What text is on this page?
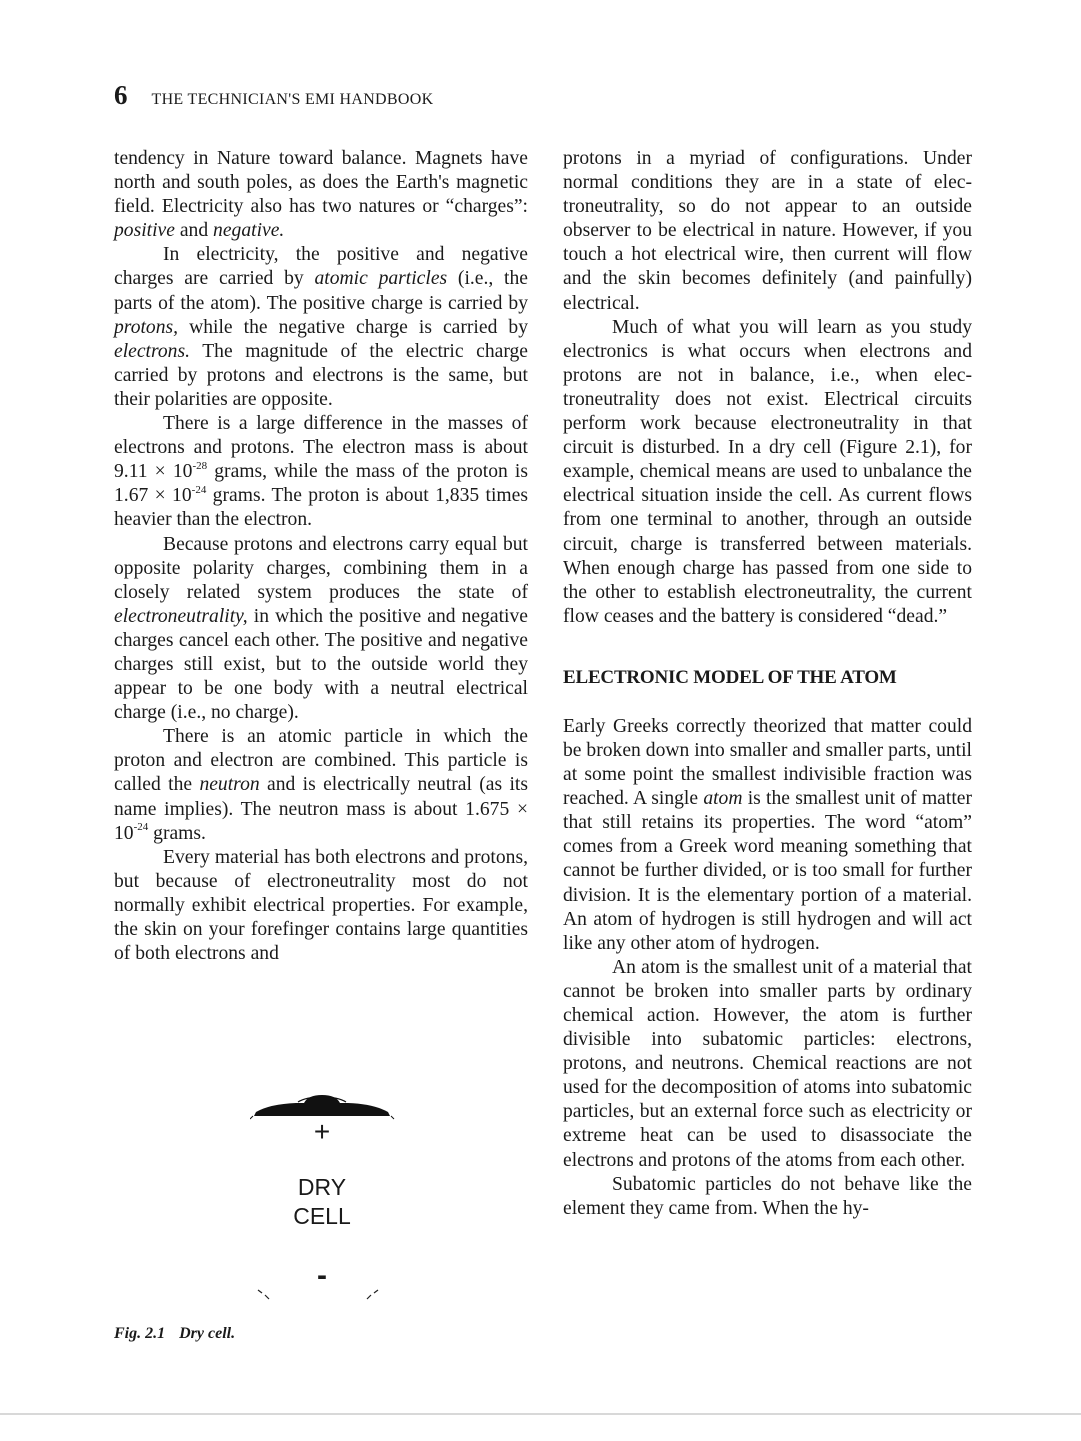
6 THE TECHNICIAN'S EMI HANDBOOK

tendency in Nature toward balance. Magnets have north and south poles, as does the Earth's magnetic field. Electricity also has two natures or “charges”: positive and negative.

In electricity, the positive and negative charges are carried by atomic particles (i.e., the parts of the atom). The positive charge is carried by protons, while the negative charge is carried by electrons. The magnitude of the electric charge carried by protons and electrons is the same, but their polarities are opposite.

There is a large difference in the masses of electrons and protons. The electron mass is about $9.11 \times 10^{-28}$ grams, while the mass of the proton is $1.67 \times 10^{-24}$ grams. The proton is about 1,835 times heavier than the electron.

Because protons and electrons carry equal but opposite polarity charges, combining them in a closely related system produces the state of electroneutrality, in which the positive and negative charges cancel each other. The positive and negative charges still exist, but to the outside world they appear to be one body with a neutral electrical charge (i.e., no charge).

There is an atomic particle in which the proton and electron are combined. This particle is called the neutron and is electrically neutral (as its name implies). The neutron mass is about $1.675 \times 10^{-24}$ grams.

Every material has both electrons and protons, but because of electroneutrality most do not normally exhibit electrical properties. For example, the skin on your forefinger contains large quantities of both electrons and

protons in a myriad of configurations. Under normal conditions they are in a state of electroneutrality, so do not appear to an outside observer to be electrical in nature. However, if you touch a hot electrical wire, then current will flow and the skin becomes definitely (and painfully) electrical.

Much of what you will learn as you study electronics is what occurs when electrons and protons are not in balance, i.e., when electroneutrality does not exist. Electrical circuits perform work because electroneutrality in that circuit is disturbed. In a dry cell (Figure 2.1), for example, chemical means are used to unbalance the electrical situation inside the cell. As current flows from one terminal to another, through an outside circuit, charge is transferred between materials. When enough charge has passed from one side to the other to establish electroneutrality, the current flow ceases and the battery is considered “dead.”

ELECTRONIC MODEL OF THE ATOM

Early Greeks correctly theorized that matter could be broken down into smaller and smaller parts, until at some point the smallest indivisible fraction was reached. A single atom is the smallest unit of matter that still retains its properties. The word “atom” comes from a Greek word meaning something that cannot be further divided, or is too small for further division. It is the elementary portion of a material. An atom of hydrogen is still hydrogen and will act like any other atom of hydrogen.

An atom is the smallest unit of a material that cannot be broken into smaller parts by ordinary chemical action. However, the atom is further divisible into subatomic particles: electrons, protons, and neutrons. Chemical reactions are not used for the decomposition of atoms into subatomic particles, but an external force such as electricity or extreme heat can be used to disassociate the electrons and protons of the atoms from each other.

Subatomic particles do not behave like the element they came from. When the hy-

+
DRY
CELL
-
Fig. 2.1 Dry cell.
